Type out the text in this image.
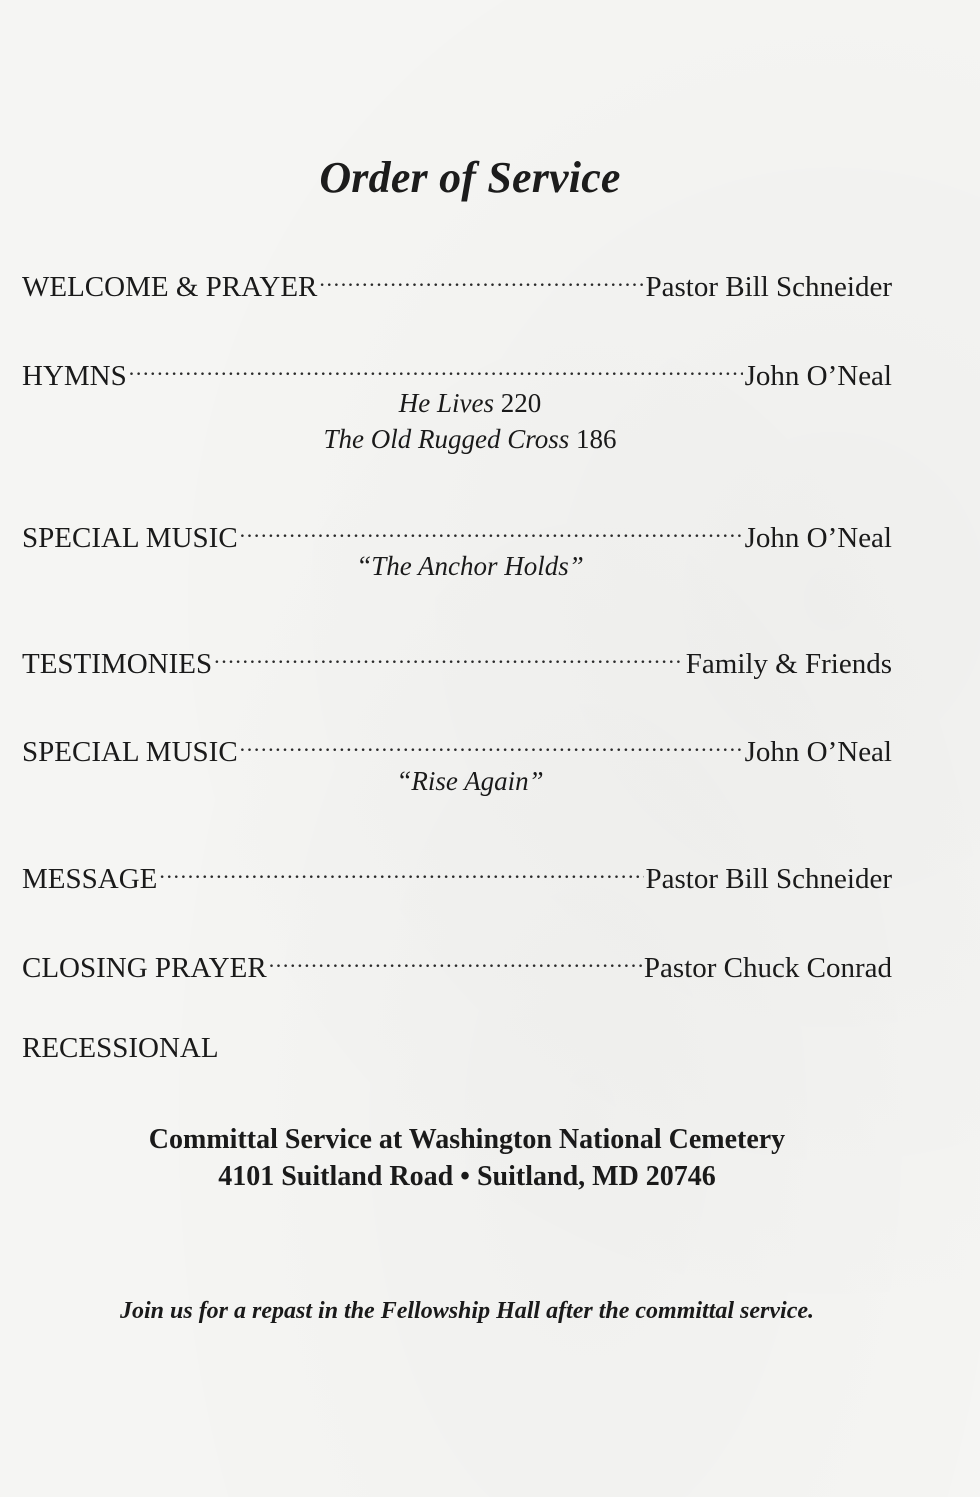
Order of Service
WELCOME & PRAYER .....	Pastor Bill Schneider
HYMNS .....	John O’Neal
He Lives 220
The Old Rugged Cross 186
SPECIAL MUSIC .....	John O’Neal
“The Anchor Holds”
TESTIMONIES .....	Family & Friends
SPECIAL MUSIC .....	John O’Neal
“Rise Again”
MESSAGE .....	Pastor Bill Schneider
CLOSING PRAYER .....	Pastor Chuck Conrad
RECESSIONAL
Committal Service at Washington National Cemetery
4101 Suitland Road • Suitland, MD 20746
Join us for a repast in the Fellowship Hall after the committal service.
